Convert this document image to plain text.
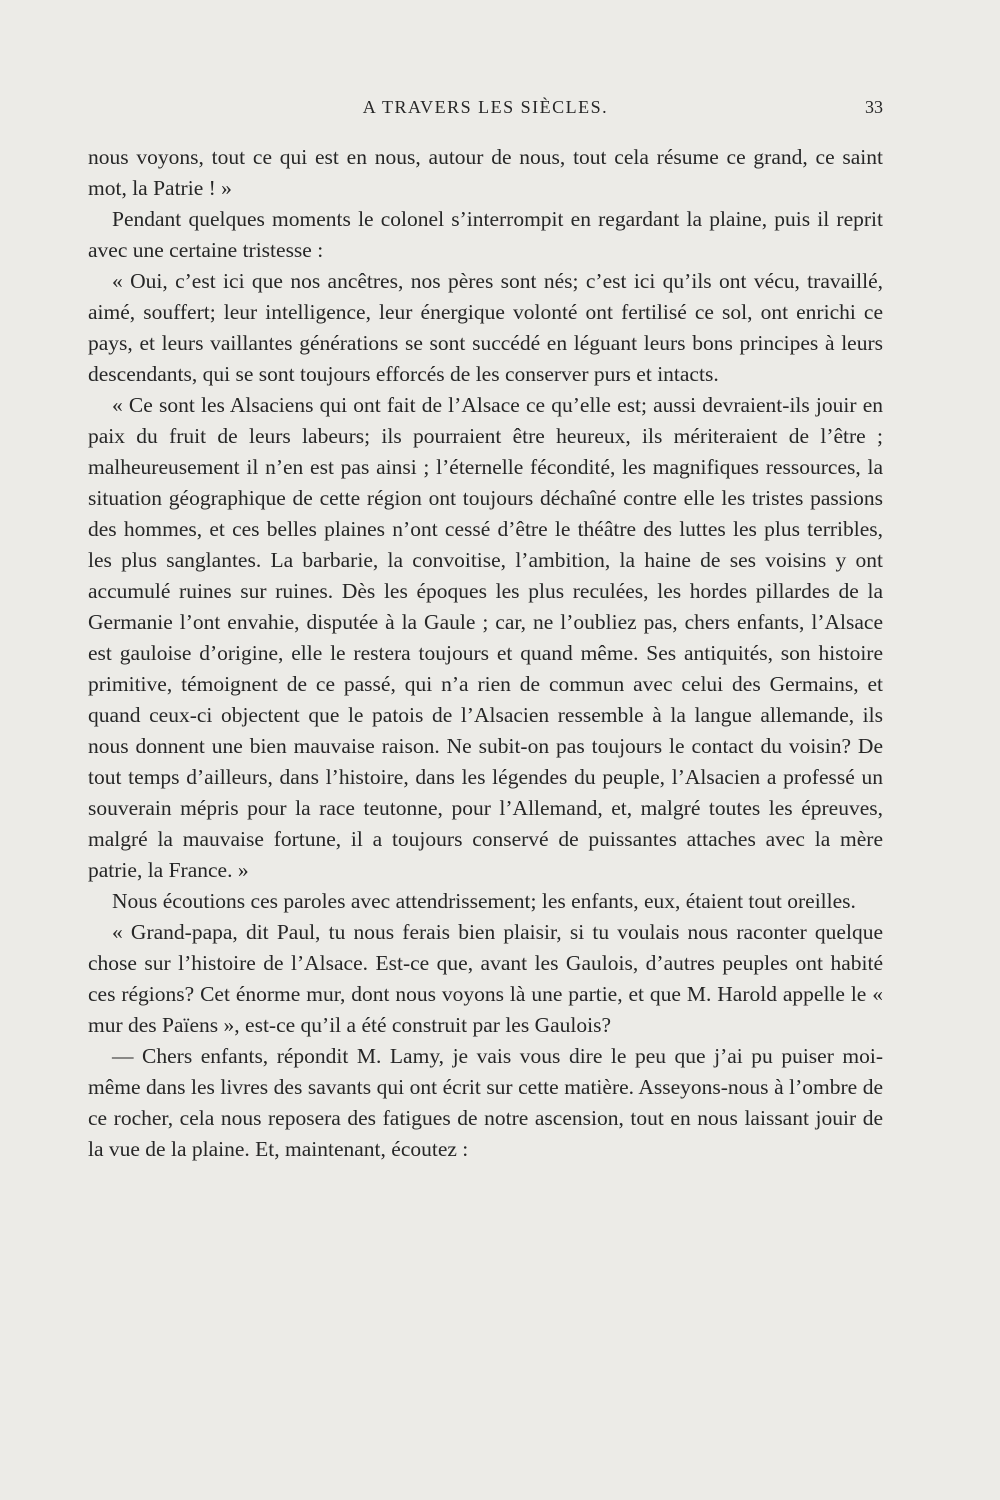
A TRAVERS LES SIÈCLES.	33

nous voyons, tout ce qui est en nous, autour de nous, tout cela résume ce grand, ce saint mot, la Patrie ! »

Pendant quelques moments le colonel s’interrompit en regardant la plaine, puis il reprit avec une certaine tristesse :

« Oui, c’est ici que nos ancêtres, nos pères sont nés; c’est ici qu’ils ont vécu, travaillé, aimé, souffert; leur intelligence, leur énergique volonté ont fertilisé ce sol, ont enrichi ce pays, et leurs vaillantes générations se sont succédé en léguant leurs bons principes à leurs descendants, qui se sont toujours efforcés de les conserver purs et intacts.

« Ce sont les Alsaciens qui ont fait de l’Alsace ce qu’elle est; aussi devraient-ils jouir en paix du fruit de leurs labeurs; ils pourraient être heureux, ils mériteraient de l’être ; malheureusement il n’en est pas ainsi ; l’éternelle fécondité, les magnifiques ressources, la situation géographique de cette région ont toujours déchaîné contre elle les tristes passions des hommes, et ces belles plaines n’ont cessé d’être le théâtre des luttes les plus terribles, les plus sanglantes. La barbarie, la convoitise, l’ambition, la haine de ses voisins y ont accumulé ruines sur ruines. Dès les époques les plus reculées, les hordes pillardes de la Germanie l’ont envahie, disputée à la Gaule ; car, ne l’oubliez pas, chers enfants, l’Alsace est gauloise d’origine, elle le restera toujours et quand même. Ses antiquités, son histoire primitive, témoignent de ce passé, qui n’a rien de commun avec celui des Germains, et quand ceux-ci objectent que le patois de l’Alsacien ressemble à la langue allemande, ils nous donnent une bien mauvaise raison. Ne subit-on pas toujours le contact du voisin? De tout temps d’ailleurs, dans l’histoire, dans les légendes du peuple, l’Alsacien a professé un souverain mépris pour la race teutonne, pour l’Allemand, et, malgré toutes les épreuves, malgré la mauvaise fortune, il a toujours conservé de puissantes attaches avec la mère patrie, la France. »

Nous écoutions ces paroles avec attendrissement; les enfants, eux, étaient tout oreilles.

« Grand-papa, dit Paul, tu nous ferais bien plaisir, si tu voulais nous raconter quelque chose sur l’histoire de l’Alsace. Est-ce que, avant les Gaulois, d’autres peuples ont habité ces régions? Cet énorme mur, dont nous voyons là une partie, et que M. Harold appelle le « mur des Païens », est-ce qu’il a été construit par les Gaulois?

— Chers enfants, répondit M. Lamy, je vais vous dire le peu que j’ai pu puiser moi-même dans les livres des savants qui ont écrit sur cette matière. Asseyons-nous à l’ombre de ce rocher, cela nous reposera des fatigues de notre ascension, tout en nous laissant jouir de la vue de la plaine. Et, maintenant, écoutez :
